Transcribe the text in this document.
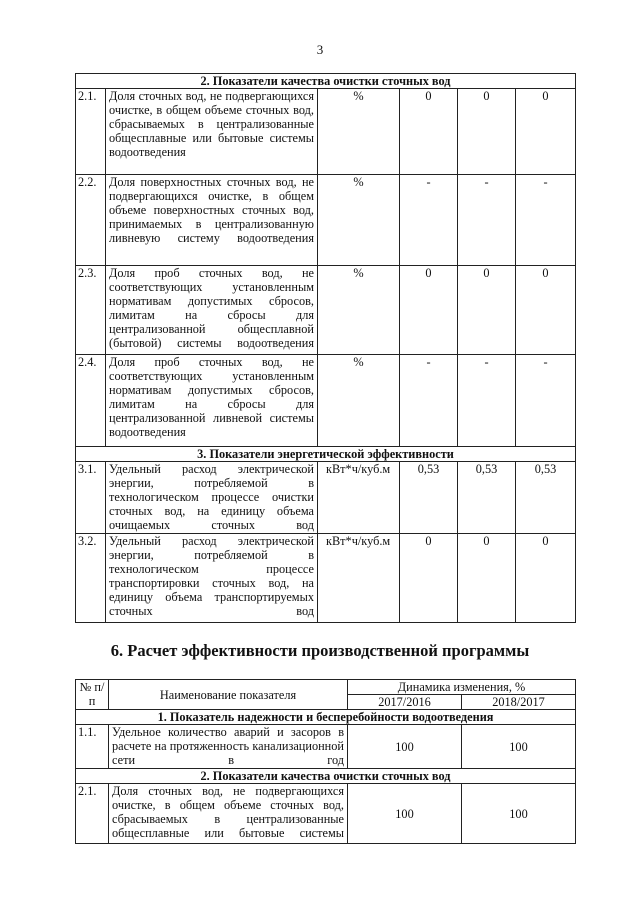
3
2. Показатели качества очистки сточных вод					
2.1.	Доля сточных вод, не подвергающихся очистке, в общем объеме сточных вод, сбрасываемых в централизованные общесплавные или бытовые системы водоотведения	%	0	0	0
2.2.	Доля поверхностных сточных вод, не подвергающихся очистке, в общем объеме поверхностных сточных вод, принимаемых в централизованную ливневую систему водоотведения	%	-	-	-
2.3.	Доля проб сточных вод, не соответствующих установленным нормативам допустимых сбросов, лимитам на сбросы для централизованной общесплавной (бытовой) системы водоотведения	%	0	0	0
2.4.	Доля проб сточных вод, не соответствующих установленным нормативам допустимых сбросов, лимитам на сбросы для централизованной ливневой системы водоотведения	%	-	-	-
3. Показатели энергетической эффективности					
3.1.	Удельный расход электрической энергии, потребляемой в технологическом процессе очистки сточных вод, на единицу объема очищаемых сточных вод	кВт*ч/куб.м	0,53	0,53	0,53
3.2.	Удельный расход электрической энергии, потребляемой в технологическом процессе транспортировки сточных вод, на единицу объема транспортируемых сточных вод	кВт*ч/куб.м	0	0	0
6. Расчет эффективности производственной программы
№ п/п	Наименование показателя	Динамика изменения, %	
		2017/2016	2018/2017
1. Показатель надежности и бесперебойности водоотведения			
1.1.	Удельное количество аварий и засоров в расчете на протяженность канализационной сети в год	100	100
2. Показатели качества очистки сточных вод			
2.1.	Доля сточных вод, не подвергающихся очистке, в общем объеме сточных вод, сбрасываемых в централизованные общесплавные или бытовые системы	100	100
